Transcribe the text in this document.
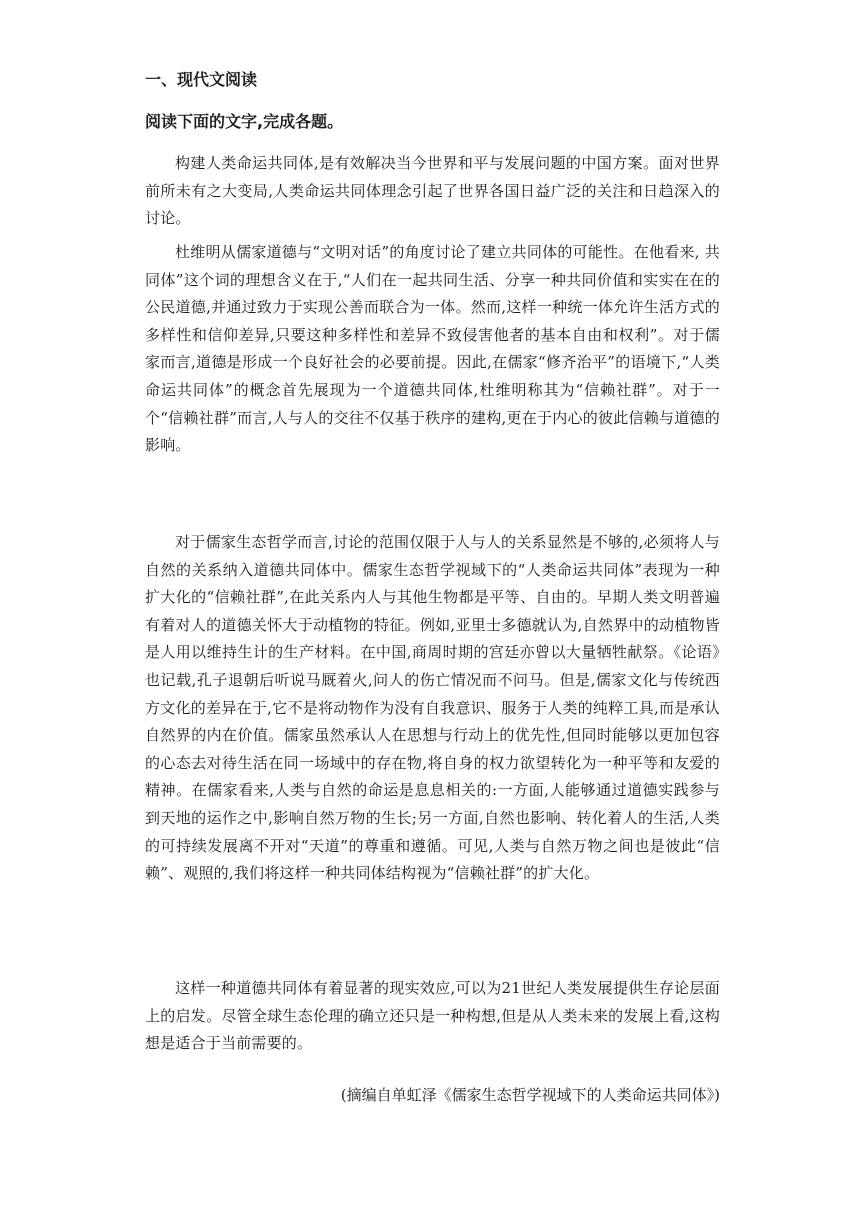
一、现代文阅读
阅读下面的文字,完成各题。

构建人类命运共同体,是有效解决当今世界和平与发展问题的中国方案。面对世界前所未有之大变局,人类命运共同体理念引起了世界各国日益广泛的关注和日趋深入的讨论。

杜维明从儒家道德与“文明对话”的角度讨论了建立共同体的可能性。在他看来, 共同体”这个词的理想含义在于,“人们在一起共同生活、分享一种共同价值和实实在在的公民道德,并通过致力于实现公善而联合为一体。然而,这样一种统一体允许生活方式的多样性和信仰差异,只要这种多样性和差异不致侵害他者的基本自由和权利”。对于儒家而言,道德是形成一个良好社会的必要前提。因此,在儒家“修齐治平”的语境下,“人类命运共同体”的概念首先展现为一个道德共同体,杜维明称其为“信赖社群”。对于一个“信赖社群”而言,人与人的交往不仅基于秩序的建构,更在于内心的彼此信赖与道德的影响。

对于儒家生态哲学而言,讨论的范围仅限于人与人的关系显然是不够的,必须将人与自然的关系纳入道德共同体中。儒家生态哲学视域下的“人类命运共同体”表现为一种扩大化的“信赖社群”,在此关系内人与其他生物都是平等、自由的。早期人类文明普遍有着对人的道德关怀大于动植物的特征。例如,亚里士多德就认为,自然界中的动植物皆是人用以维持生计的生产材料。在中国,商周时期的宫廷亦曾以大量牺牲献祭。《论语》也记载,孔子退朝后听说马厩着火,问人的伤亡情况而不问马。但是,儒家文化与传统西方文化的差异在于,它不是将动物作为没有自我意识、服务于人类的纯粹工具,而是承认自然界的内在价值。儒家虽然承认人在思想与行动上的优先性,但同时能够以更加包容的心态去对待生活在同一场域中的存在物,将自身的权力欲望转化为一种平等和友爱的精神。在儒家看来,人类与自然的命运是息息相关的:一方面,人能够通过道德实践参与到天地的运作之中,影响自然万物的生长;另一方面,自然也影响、转化着人的生活,人类的可持续发展离不开对“天道”的尊重和遵循。可见,人类与自然万物之间也是彼此“信赖”、观照的,我们将这样一种共同体结构视为“信赖社群”的扩大化。

这样一种道德共同体有着显著的现实效应,可以为21世纪人类发展提供生存论层面上的启发。尽管全球生态伦理的确立还只是一种构想,但是从人类未来的发展上看,这构想是适合于当前需要的。

(摘编自单虹泽《儒家生态哲学视域下的人类命运共同体》)
